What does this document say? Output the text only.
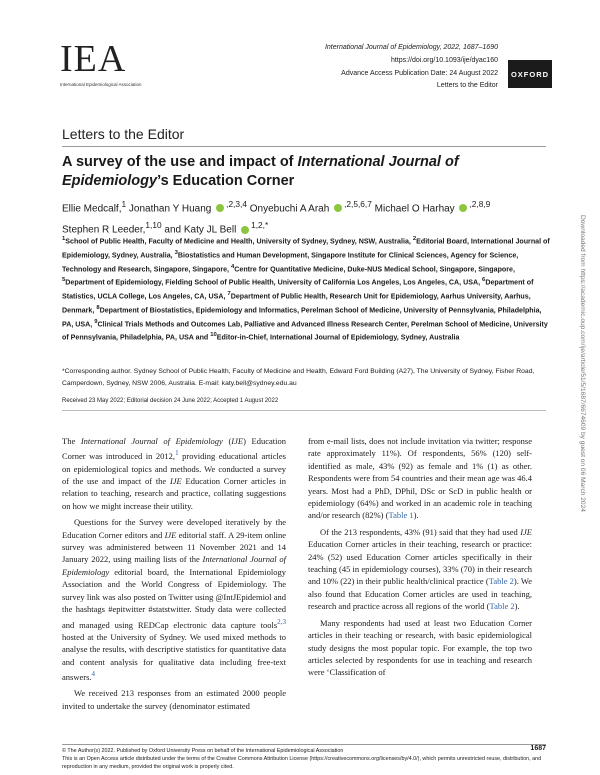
IEA
International Epidemiological Association
International Journal of Epidemiology, 2022, 1687–1690
https://doi.org/10.1093/ije/dyac160
Advance Access Publication Date: 24 August 2022
Letters to the Editor
OXFORD
Letters to the Editor
A survey of the use and impact of International Journal of Epidemiology’s Education Corner
Ellie Medcalf,$^1$ Jonathan Y Huang $^{,2,3,4}$ Onyebuchi A Arah $^{,2,5,6,7}$ Michael O Harhay $^{,2,8,9}$
Stephen R Leeder,$^{1,10}$ and Katy JL Bell $^{1,2,*}$
$^1$School of Public Health, Faculty of Medicine and Health, University of Sydney, Sydney, NSW, Australia, $^2$Editorial Board, International Journal of Epidemiology, Sydney, Australia, $^3$Biostatistics and Human Development, Singapore Institute for Clinical Sciences, Agency for Science, Technology and Research, Singapore, Singapore, $^4$Centre for Quantitative Medicine, Duke-NUS Medical School, Singapore, Singapore, $^5$Department of Epidemiology, Fielding School of Public Health, University of California Los Angeles, Los Angeles, CA, USA, $^6$Department of Statistics, UCLA College, Los Angeles, CA, USA, $^7$Department of Public Health, Research Unit for Epidemiology, Aarhus University, Aarhus, Denmark, $^8$Department of Biostatistics, Epidemiology and Informatics, Perelman School of Medicine, University of Pennsylvania, Philadelphia, PA, USA, $^9$Clinical Trials Methods and Outcomes Lab, Palliative and Advanced Illness Research Center, Perelman School of Medicine, University of Pennsylvania, Philadelphia, PA, USA and $^{10}$Editor-in-Chief, International Journal of Epidemiology, Sydney, Australia
*Corresponding author. Sydney School of Public Health, Faculty of Medicine and Health, Edward Ford Building (A27), The University of Sydney, Fisher Road, Camperdown, Sydney, NSW 2006, Australia. E-mail: katy.bell@sydney.edu.au
Received 23 May 2022; Editorial decision 24 June 2022; Accepted 1 August 2022

The International Journal of Epidemiology (IJE) Education Corner was introduced in 2012,$^1$ providing educational articles on epidemiological topics and methods. We conducted a survey of the use and impact of the IJE Education Corner articles in relation to teaching, research and practice, collating suggestions on how we might increase their utility.

Questions for the Survey were developed iteratively by the Education Corner editors and IJE editorial staff. A 29-item online survey was administered between 11 November 2021 and 14 January 2022, using mailing lists of the International Journal of Epidemiology editorial board, the International Epidemiology Association and the World Congress of Epidemiology. The survey link was also posted on Twitter using @IntJEpidemiol and the hashtags #epitwitter #statstwitter. Study data were collected and managed using REDCap electronic data capture tools$^{2,3}$ hosted at the University of Sydney. We used mixed methods to analyse the results, with descriptive statistics for quantitative data and content analysis for qualitative data including free-text answers.$^4$

We received 213 responses from an estimated 2000 people invited to undertake the survey (denominator estimated

from e-mail lists, does not include invitation via twitter; response rate approximately 11%). Of respondents, 56% (120) self-identified as male, 43% (92) as female and 1% (1) as other. Respondents were from 54 countries and their mean age was 46.4 years. Most had a PhD, DPhil, DSc or ScD in public health or epidemiology (64%) and worked in an academic role in teaching and/or research (82%) (Table 1).

Of the 213 respondents, 43% (91) said that they had used IJE Education Corner articles in their teaching, research or practice: 24% (52) used Education Corner articles specifically in their teaching (45 in epidemiology courses), 33% (70) in their research and 10% (22) in their public health/clinical practice (Table 2). We also found that Education Corner articles are used in teaching, research and practice across all regions of the world (Table 2).

Many respondents had used at least two Education Corner articles in their teaching or research, with basic epidemiological study designs the most popular topic. For example, the top two articles selected by respondents for use in teaching and research were ‘Classification of

Downloaded from https://academic.oup.com/ije/article/51/5/1687/6674609 by guest on 06 March 2024
© The Author(s) 2022. Published by Oxford University Press on behalf of the International Epidemiological Association
This is an Open Access article distributed under the terms of the Creative Commons Attribution License (https://creativecommons.org/licenses/by/4.0/), which permits unrestricted reuse, distribution, and reproduction in any medium, provided the original work is properly cited.
1687
